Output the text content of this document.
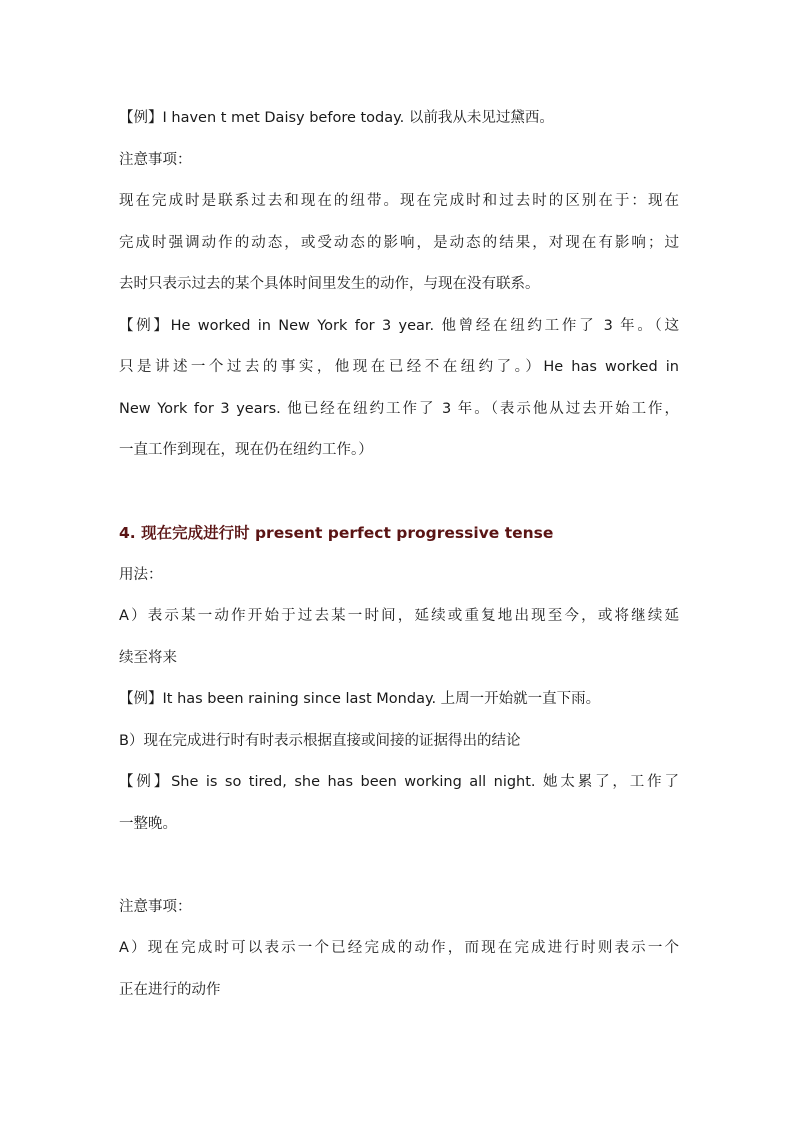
【例】I haven t met Daisy before today. 以前我从未见过黛西。
注意事项：
现在完成时是联系过去和现在的纽带。现在完成时和过去时的区别在于：现在
完成时强调动作的动态，或受动态的影响，是动态的结果，对现在有影响；过
去时只表示过去的某个具体时间里发生的动作，与现在没有联系。
【例】He worked in New York for 3 year. 他曾经在纽约工作了 3 年。（这
只是讲述一个过去的事实，他现在已经不在纽约了。）He has worked in
New York for 3 years. 他已经在纽约工作了 3 年。（表示他从过去开始工作，
一直工作到现在，现在仍在纽约工作。）
4. 现在完成进行时 present perfect progressive tense
用法：
A）表示某一动作开始于过去某一时间，延续或重复地出现至今，或将继续延
续至将来
【例】It has been raining since last Monday. 上周一开始就一直下雨。
B）现在完成进行时有时表示根据直接或间接的证据得出的结论
【例】She is so tired, she has been working all night. 她太累了，工作了
一整晚。
注意事项：
A）现在完成时可以表示一个已经完成的动作，而现在完成进行时则表示一个
正在进行的动作
